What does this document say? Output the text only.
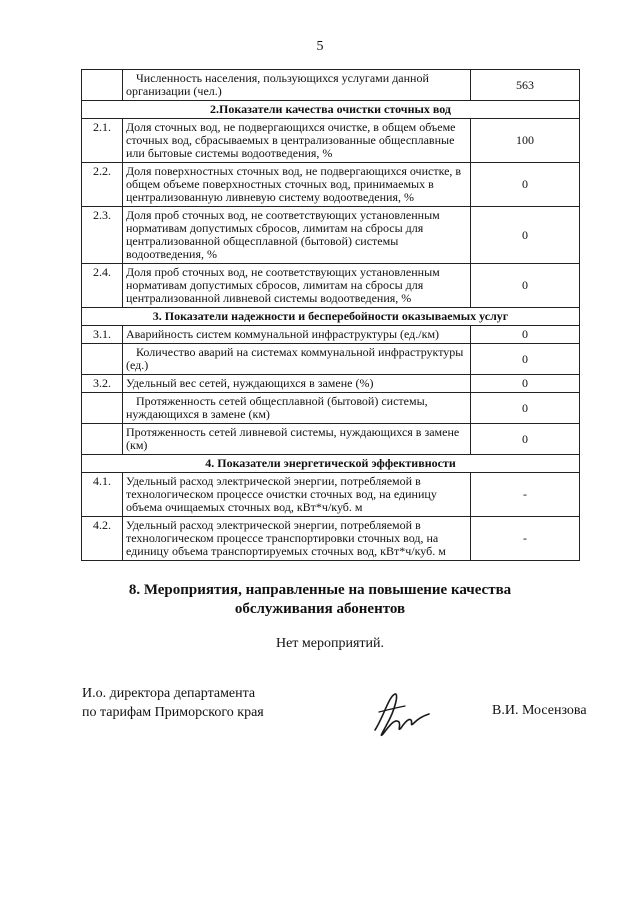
5
	Численность населения, пользующихся услугами данной организации (чел.)	563
2.Показатели качества очистки сточных вод		
2.1.	Доля сточных вод, не подвергающихся очистке, в общем объеме сточных вод, сбрасываемых в централизованные общесплавные или бытовые системы водоотведения, %	100
2.2.	Доля поверхностных сточных вод, не подвергающихся очистке, в общем объеме поверхностных сточных вод, принимаемых в централизованную ливневую систему водоотведения, %	0
2.3.	Доля проб сточных вод, не соответствующих установленным нормативам допустимых сбросов, лимитам на сбросы для централизованной общесплавной (бытовой) системы водоотведения, %	0
2.4.	Доля проб сточных вод, не соответствующих установленным нормативам допустимых сбросов, лимитам на сбросы для централизованной ливневой системы водоотведения, %	0
3. Показатели надежности и бесперебойности оказываемых услуг		
3.1.	Аварийность систем коммунальной инфраструктуры (ед./км)	0
	Количество аварий на системах коммунальной инфраструктуры (ед.)	0
3.2.	Удельный вес сетей, нуждающихся в замене (%)	0
	Протяженность сетей общесплавной (бытовой) системы, нуждающихся в замене (км)	0
	Протяженность сетей ливневой системы, нуждающихся в замене (км)	0
4. Показатели энергетической эффективности		
4.1.	Удельный расход электрической энергии, потребляемой в технологическом процессе очистки сточных вод, на единицу объема очищаемых сточных вод, кВт*ч/куб. м	-
4.2.	Удельный расход электрической энергии, потребляемой в технологическом процессе транспортировки сточных вод, на единицу объема транспортируемых сточных вод, кВт*ч/куб. м	-
8. Мероприятия, направленные на повышение качества
обслуживания абонентов
Нет мероприятий.
И.о. директора департамента
по тарифам Приморского края	В.И. Мосензова
